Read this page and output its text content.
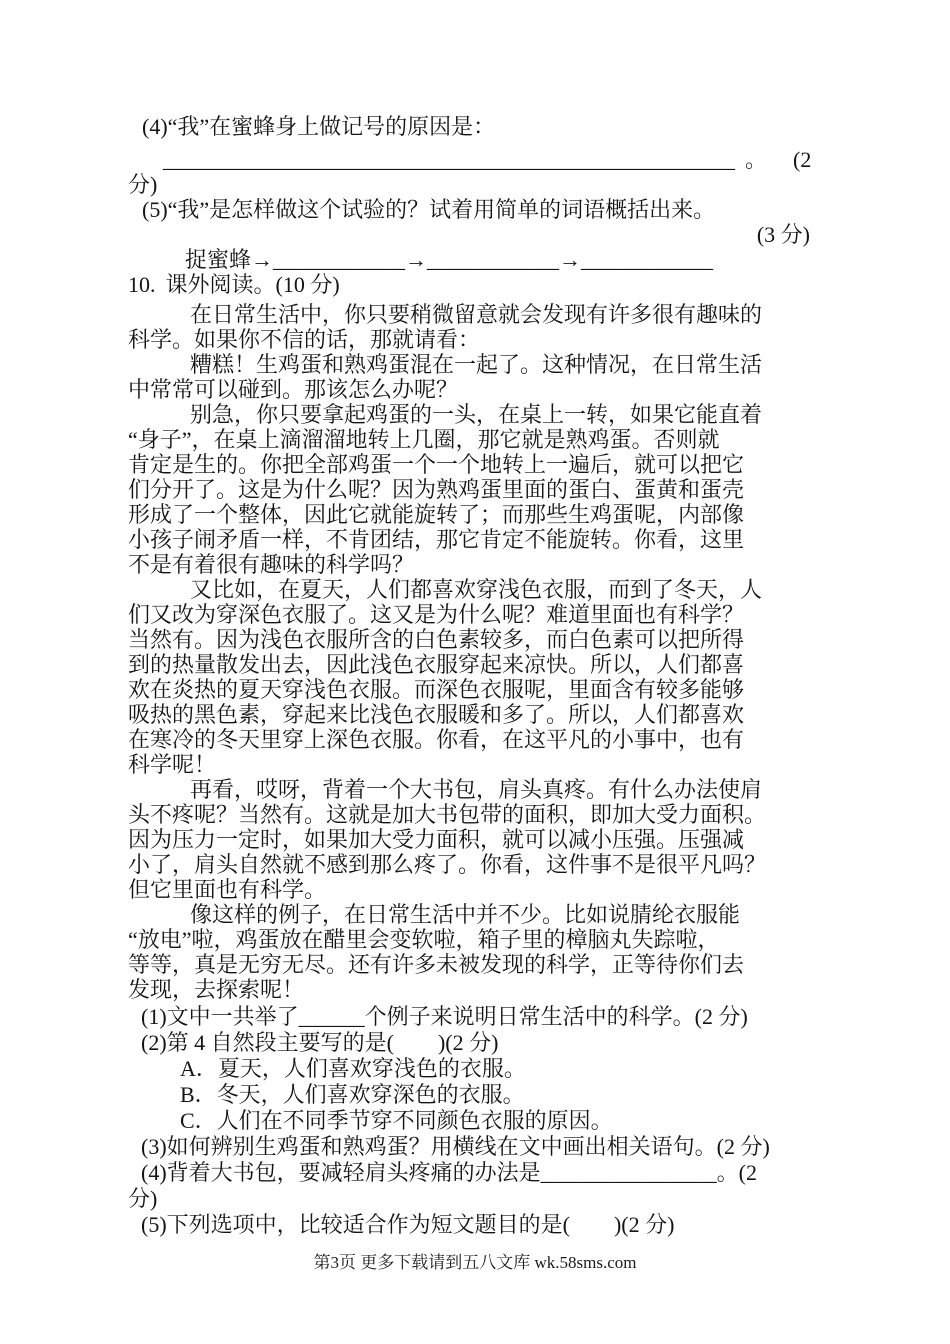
(4)“我”在蜜蜂身上做记号的原因是：
____________________________________________________ 。 (2
分)
(5)“我”是怎样做这个试验的？试着用简单的词语概括出来。
(3 分)
捉蜜蜂→____________→____________→____________
10. 课外阅读。(10 分)
在日常生活中，你只要稍微留意就会发现有许多很有趣味的
科学。如果你不信的话，那就请看：
糟糕！生鸡蛋和熟鸡蛋混在一起了。这种情况，在日常生活
中常常可以碰到。那该怎么办呢？
别急，你只要拿起鸡蛋的一头，在桌上一转，如果它能直着
“身子”，在桌上滴溜溜地转上几圈，那它就是熟鸡蛋。否则就
肯定是生的。你把全部鸡蛋一个一个地转上一遍后，就可以把它
们分开了。这是为什么呢？因为熟鸡蛋里面的蛋白、蛋黄和蛋壳
形成了一个整体，因此它就能旋转了；而那些生鸡蛋呢，内部像
小孩子闹矛盾一样，不肯团结，那它肯定不能旋转。你看，这里
不是有着很有趣味的科学吗？
又比如，在夏天，人们都喜欢穿浅色衣服，而到了冬天，人
们又改为穿深色衣服了。这又是为什么呢？难道里面也有科学？
当然有。因为浅色衣服所含的白色素较多，而白色素可以把所得
到的热量散发出去，因此浅色衣服穿起来凉快。所以，人们都喜
欢在炎热的夏天穿浅色衣服。而深色衣服呢，里面含有较多能够
吸热的黑色素，穿起来比浅色衣服暖和多了。所以，人们都喜欢
在寒冷的冬天里穿上深色衣服。你看，在这平凡的小事中，也有
科学呢！
再看，哎呀，背着一个大书包，肩头真疼。有什么办法使肩
头不疼呢？当然有。这就是加大书包带的面积，即加大受力面积。
因为压力一定时，如果加大受力面积，就可以减小压强。压强减
小了，肩头自然就不感到那么疼了。你看，这件事不是很平凡吗？
但它里面也有科学。
像这样的例子，在日常生活中并不少。比如说腈纶衣服能
“放电”啦，鸡蛋放在醋里会变软啦，箱子里的樟脑丸失踪啦，
等等，真是无穷无尽。还有许多未被发现的科学，正等待你们去
发现，去探索呢！
(1)文中一共举了______个例子来说明日常生活中的科学。(2 分)
(2)第 4 自然段主要写的是(　　)(2 分)
A．夏天，人们喜欢穿浅色的衣服。
B．冬天，人们喜欢穿深色的衣服。
C．人们在不同季节穿不同颜色衣服的原因。
(3)如何辨别生鸡蛋和熟鸡蛋？用横线在文中画出相关语句。(2 分)
(4)背着大书包，要减轻肩头疼痛的办法是________________。(2
分)
(5)下列选项中，比较适合作为短文题目的是(　　)(2 分)
第3页 更多下载请到五八文库 wk.58sms.com
